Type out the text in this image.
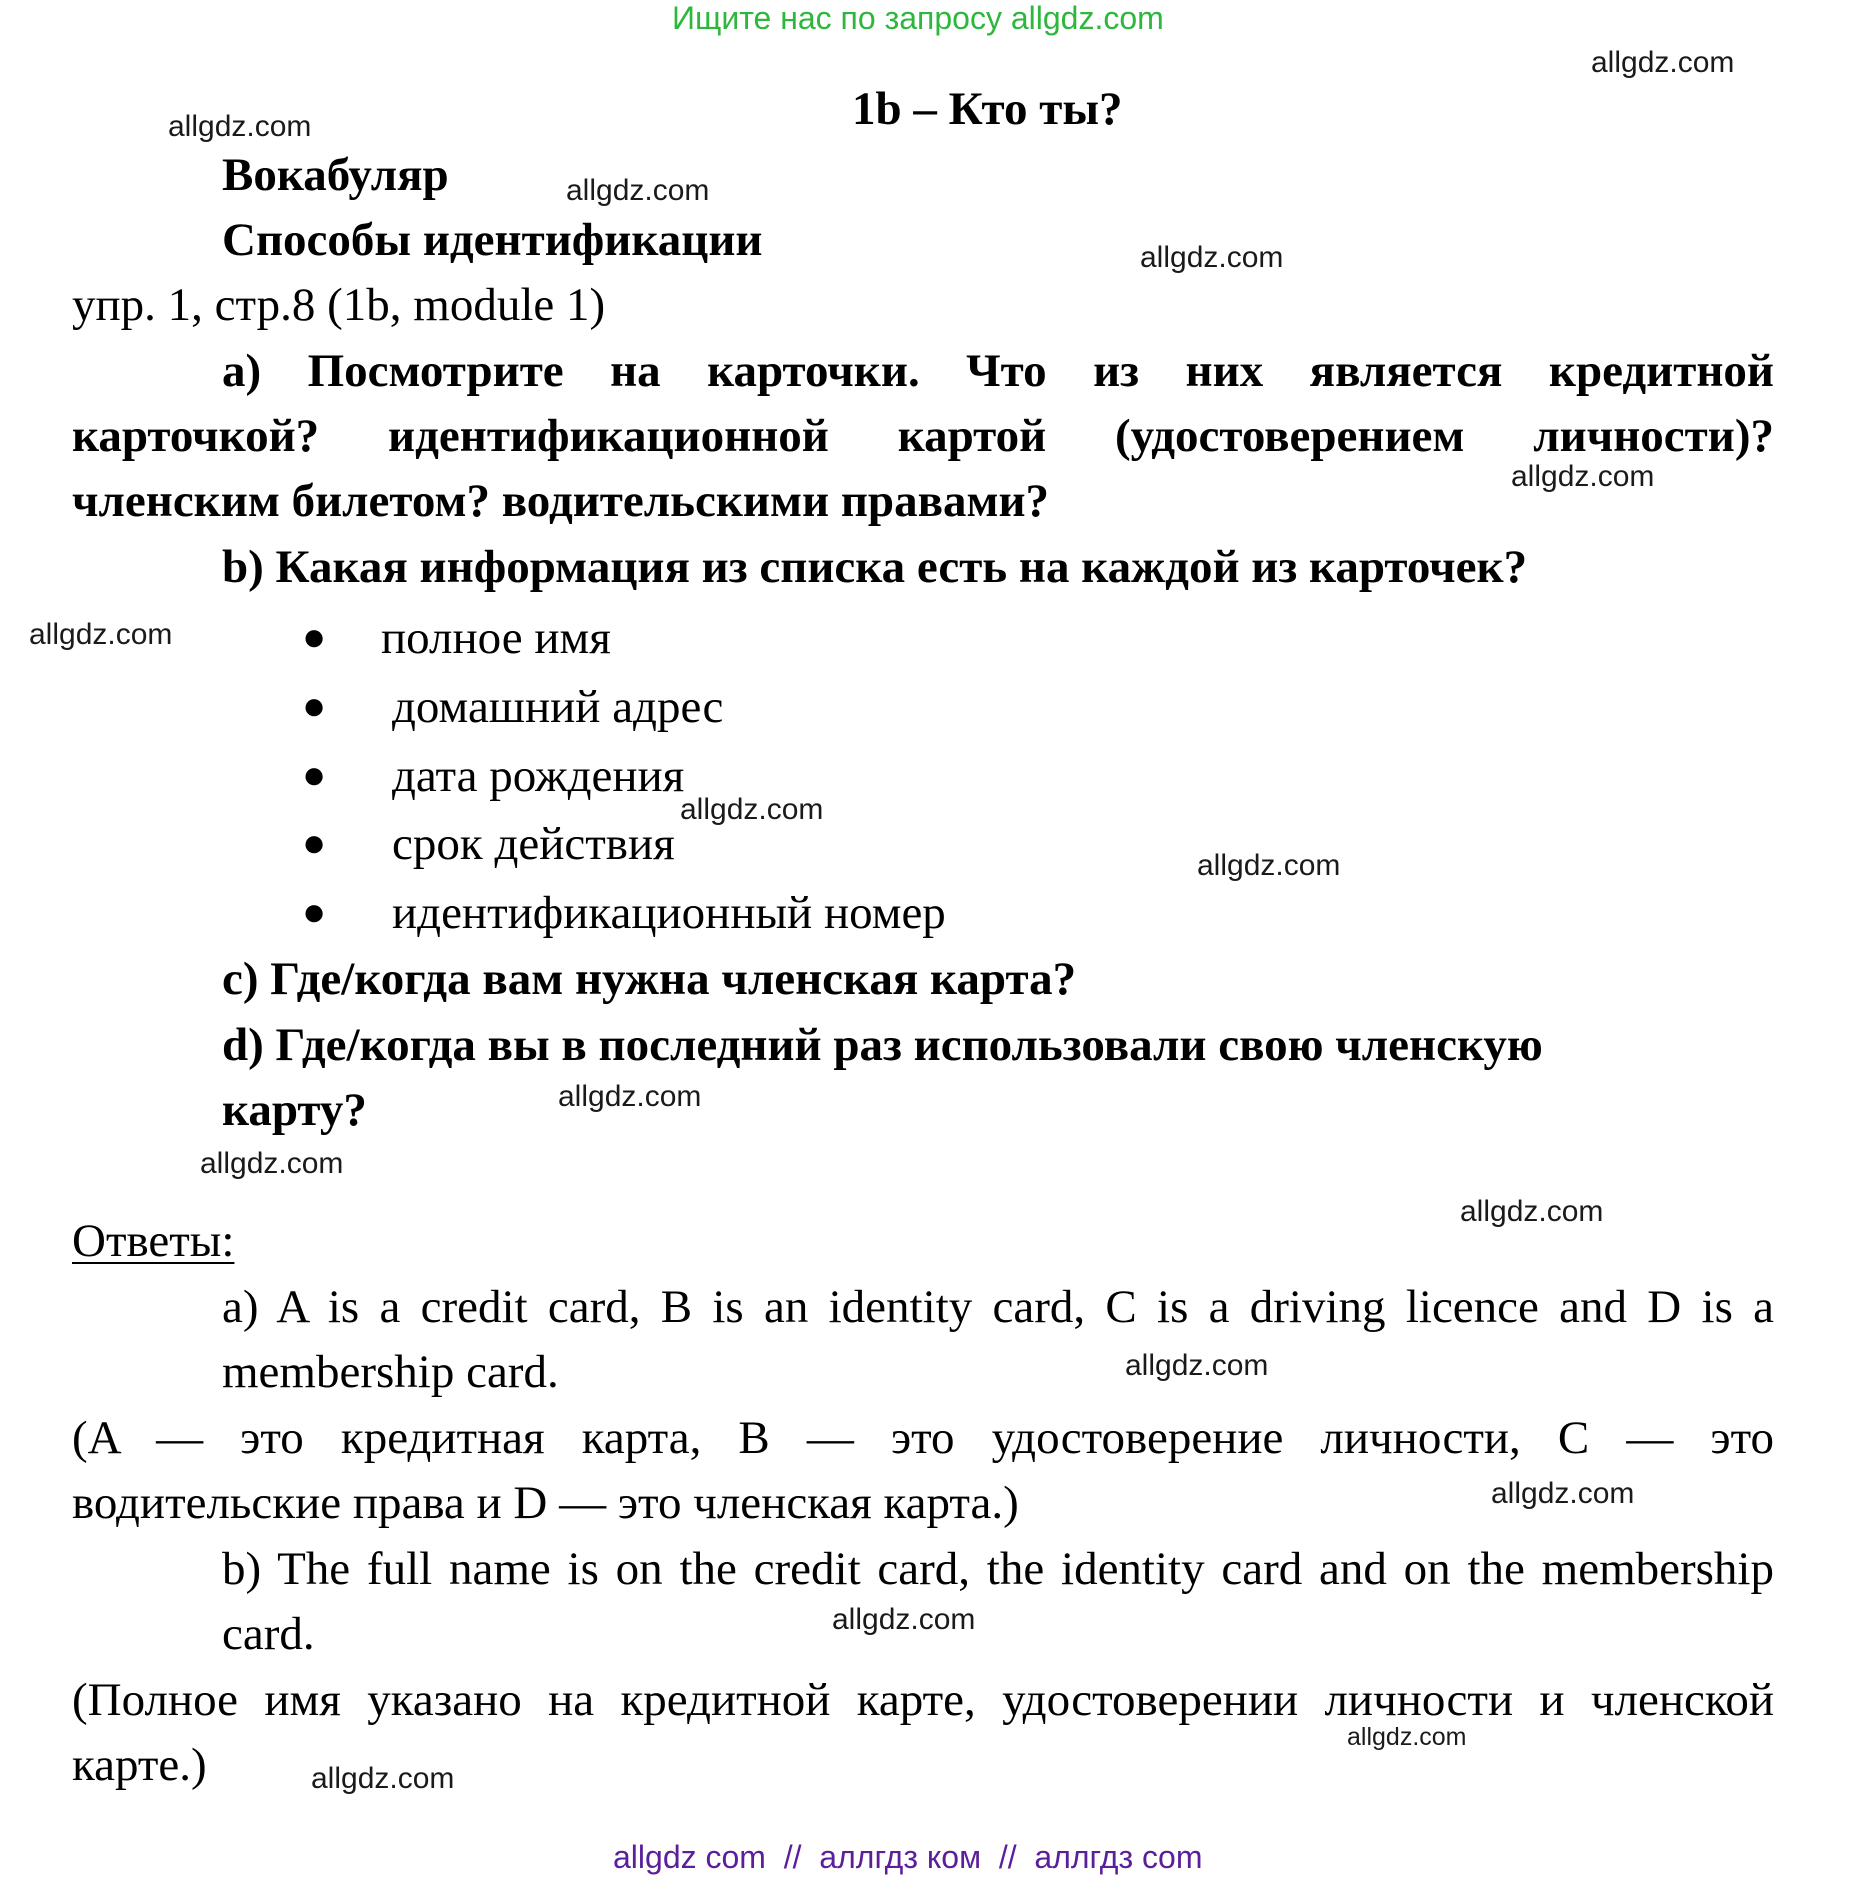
Ищите нас по запросу allgdz.com
1b – Кто ты?
Вокабуляр
Способы идентификации
упр. 1, стр.8 (1b, module 1)
a) Посмотрите на карточки. Что из них является кредитной
карточкой? идентификационной картой (удостоверением личности)?
членским билетом? водительскими правами?
b) Какая информация из списка есть на каждой из карточек?
● полное имя
● домашний адрес
● дата рождения
● срок действия
● идентификационный номер
c) Где/когда вам нужна членская карта?
d) Где/когда вы в последний раз использовали свою членскую
карту?
Ответы:
a) A is a credit card, B is an identity card, C is a driving licence and D is a
membership card.
(A — это кредитная карта, B — это удостоверение личности, C — это
водительские права и D — это членская карта.)
b) The full name is on the credit card, the identity card and on the membership
card.
(Полное имя указано на кредитной карте, удостоверении личности и членской
карте.)
allgdz.com
allgdz.com
allgdz.com
allgdz.com
allgdz.com
allgdz.com
allgdz.com
allgdz.com
allgdz.com
allgdz.com
allgdz.com
allgdz.com
allgdz.com
allgdz.com
allgdz.com
allgdz.com
allgdz com  //  аллгдз ком  //  аллгдз com
